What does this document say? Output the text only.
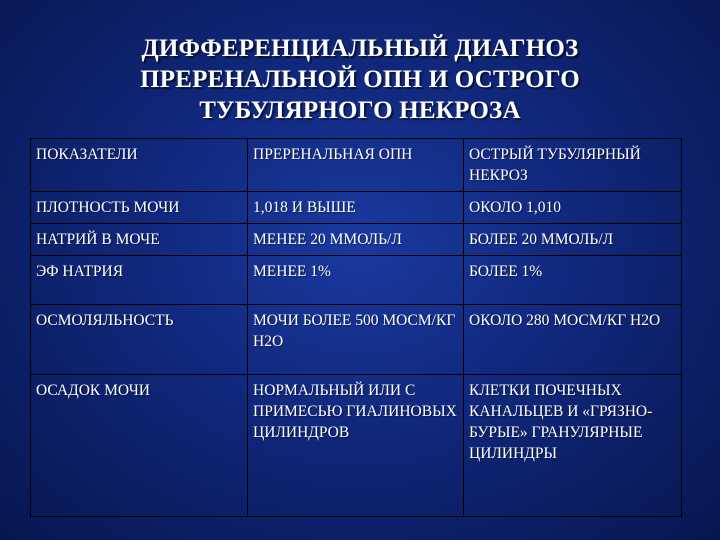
ДИФФЕРЕНЦИАЛЬНЫЙ ДИАГНОЗ
ПРЕРЕНАЛЬНОЙ ОПН И ОСТРОГО
ТУБУЛЯРНОГО НЕКРОЗА
ПОКАЗАТЕЛИ	ПРЕРЕНАЛЬНАЯ ОПН	ОСТРЫЙ ТУБУЛЯРНЫЙ НЕКРОЗ
ПЛОТНОСТЬ МОЧИ	1,018 И ВЫШЕ	ОКОЛО 1,010
НАТРИЙ В МОЧЕ	МЕНЕЕ 20 ММОЛЬ/Л	БОЛЕЕ 20 ММОЛЬ/Л
ЭФ НАТРИЯ	МЕНЕЕ 1%	БОЛЕЕ 1%
ОСМОЛЯЛЬНОСТЬ	МОЧИ БОЛЕЕ 500 МОСМ/КГ Н2О	ОКОЛО 280 МОСМ/КГ Н2О
ОСАДОК МОЧИ	НОРМАЛЬНЫЙ ИЛИ С ПРИМЕСЬЮ ГИАЛИНОВЫХ ЦИЛИНДРОВ	КЛЕТКИ ПОЧЕЧНЫХ КАНАЛЬЦЕВ И «ГРЯЗНО-БУРЫЕ» ГРАНУЛЯРНЫЕ ЦИЛИНДРЫ
